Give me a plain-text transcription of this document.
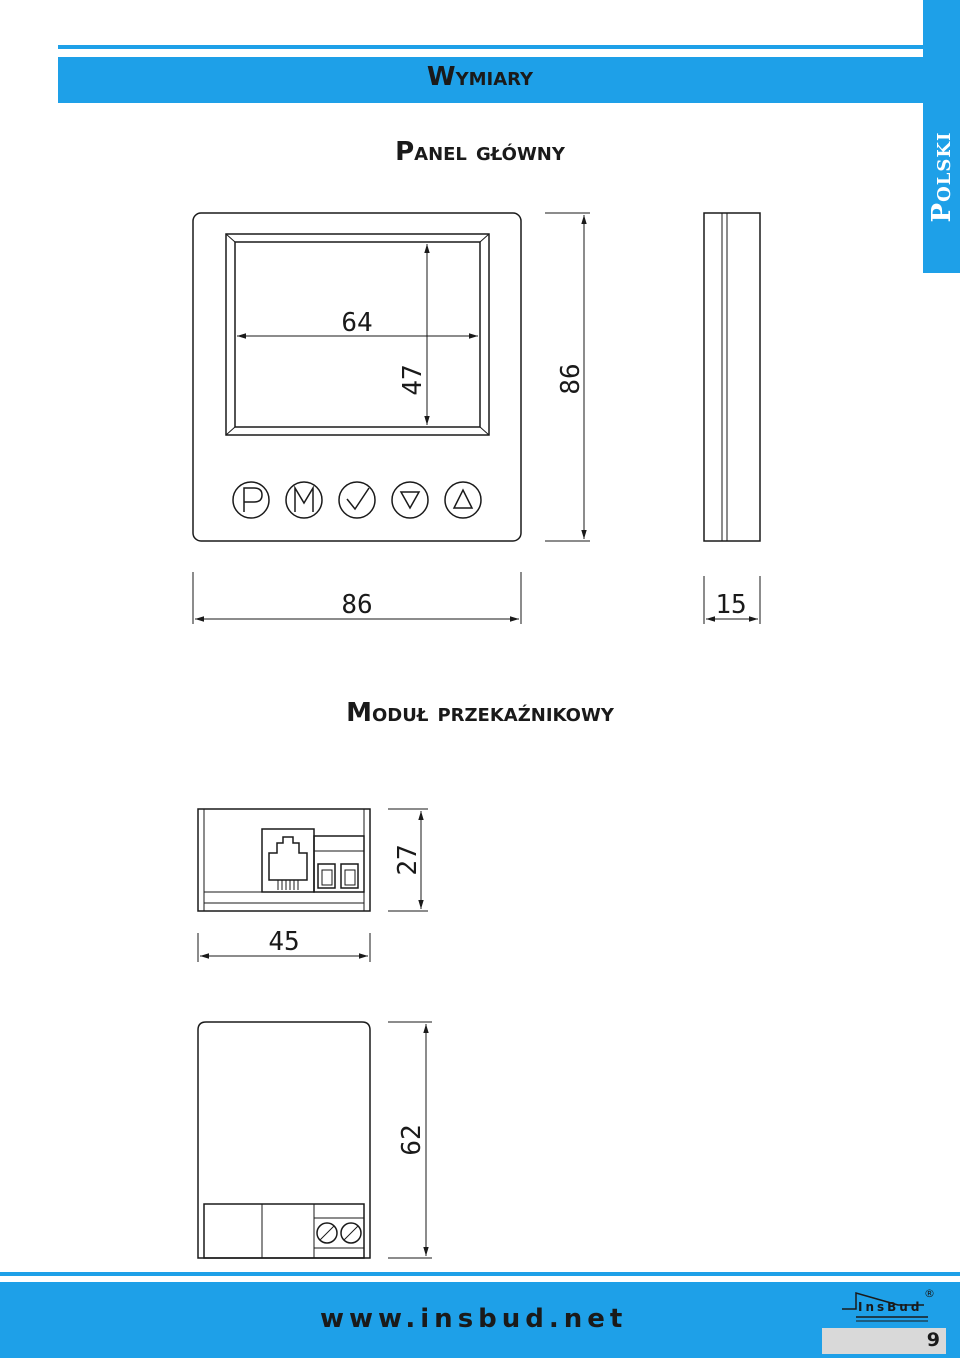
Wymiary
Polski
Panel główny
64
47	86
86	15
27
45
62
Moduł przekaźnikowy
www.insbud.net	InsBud
®
9
